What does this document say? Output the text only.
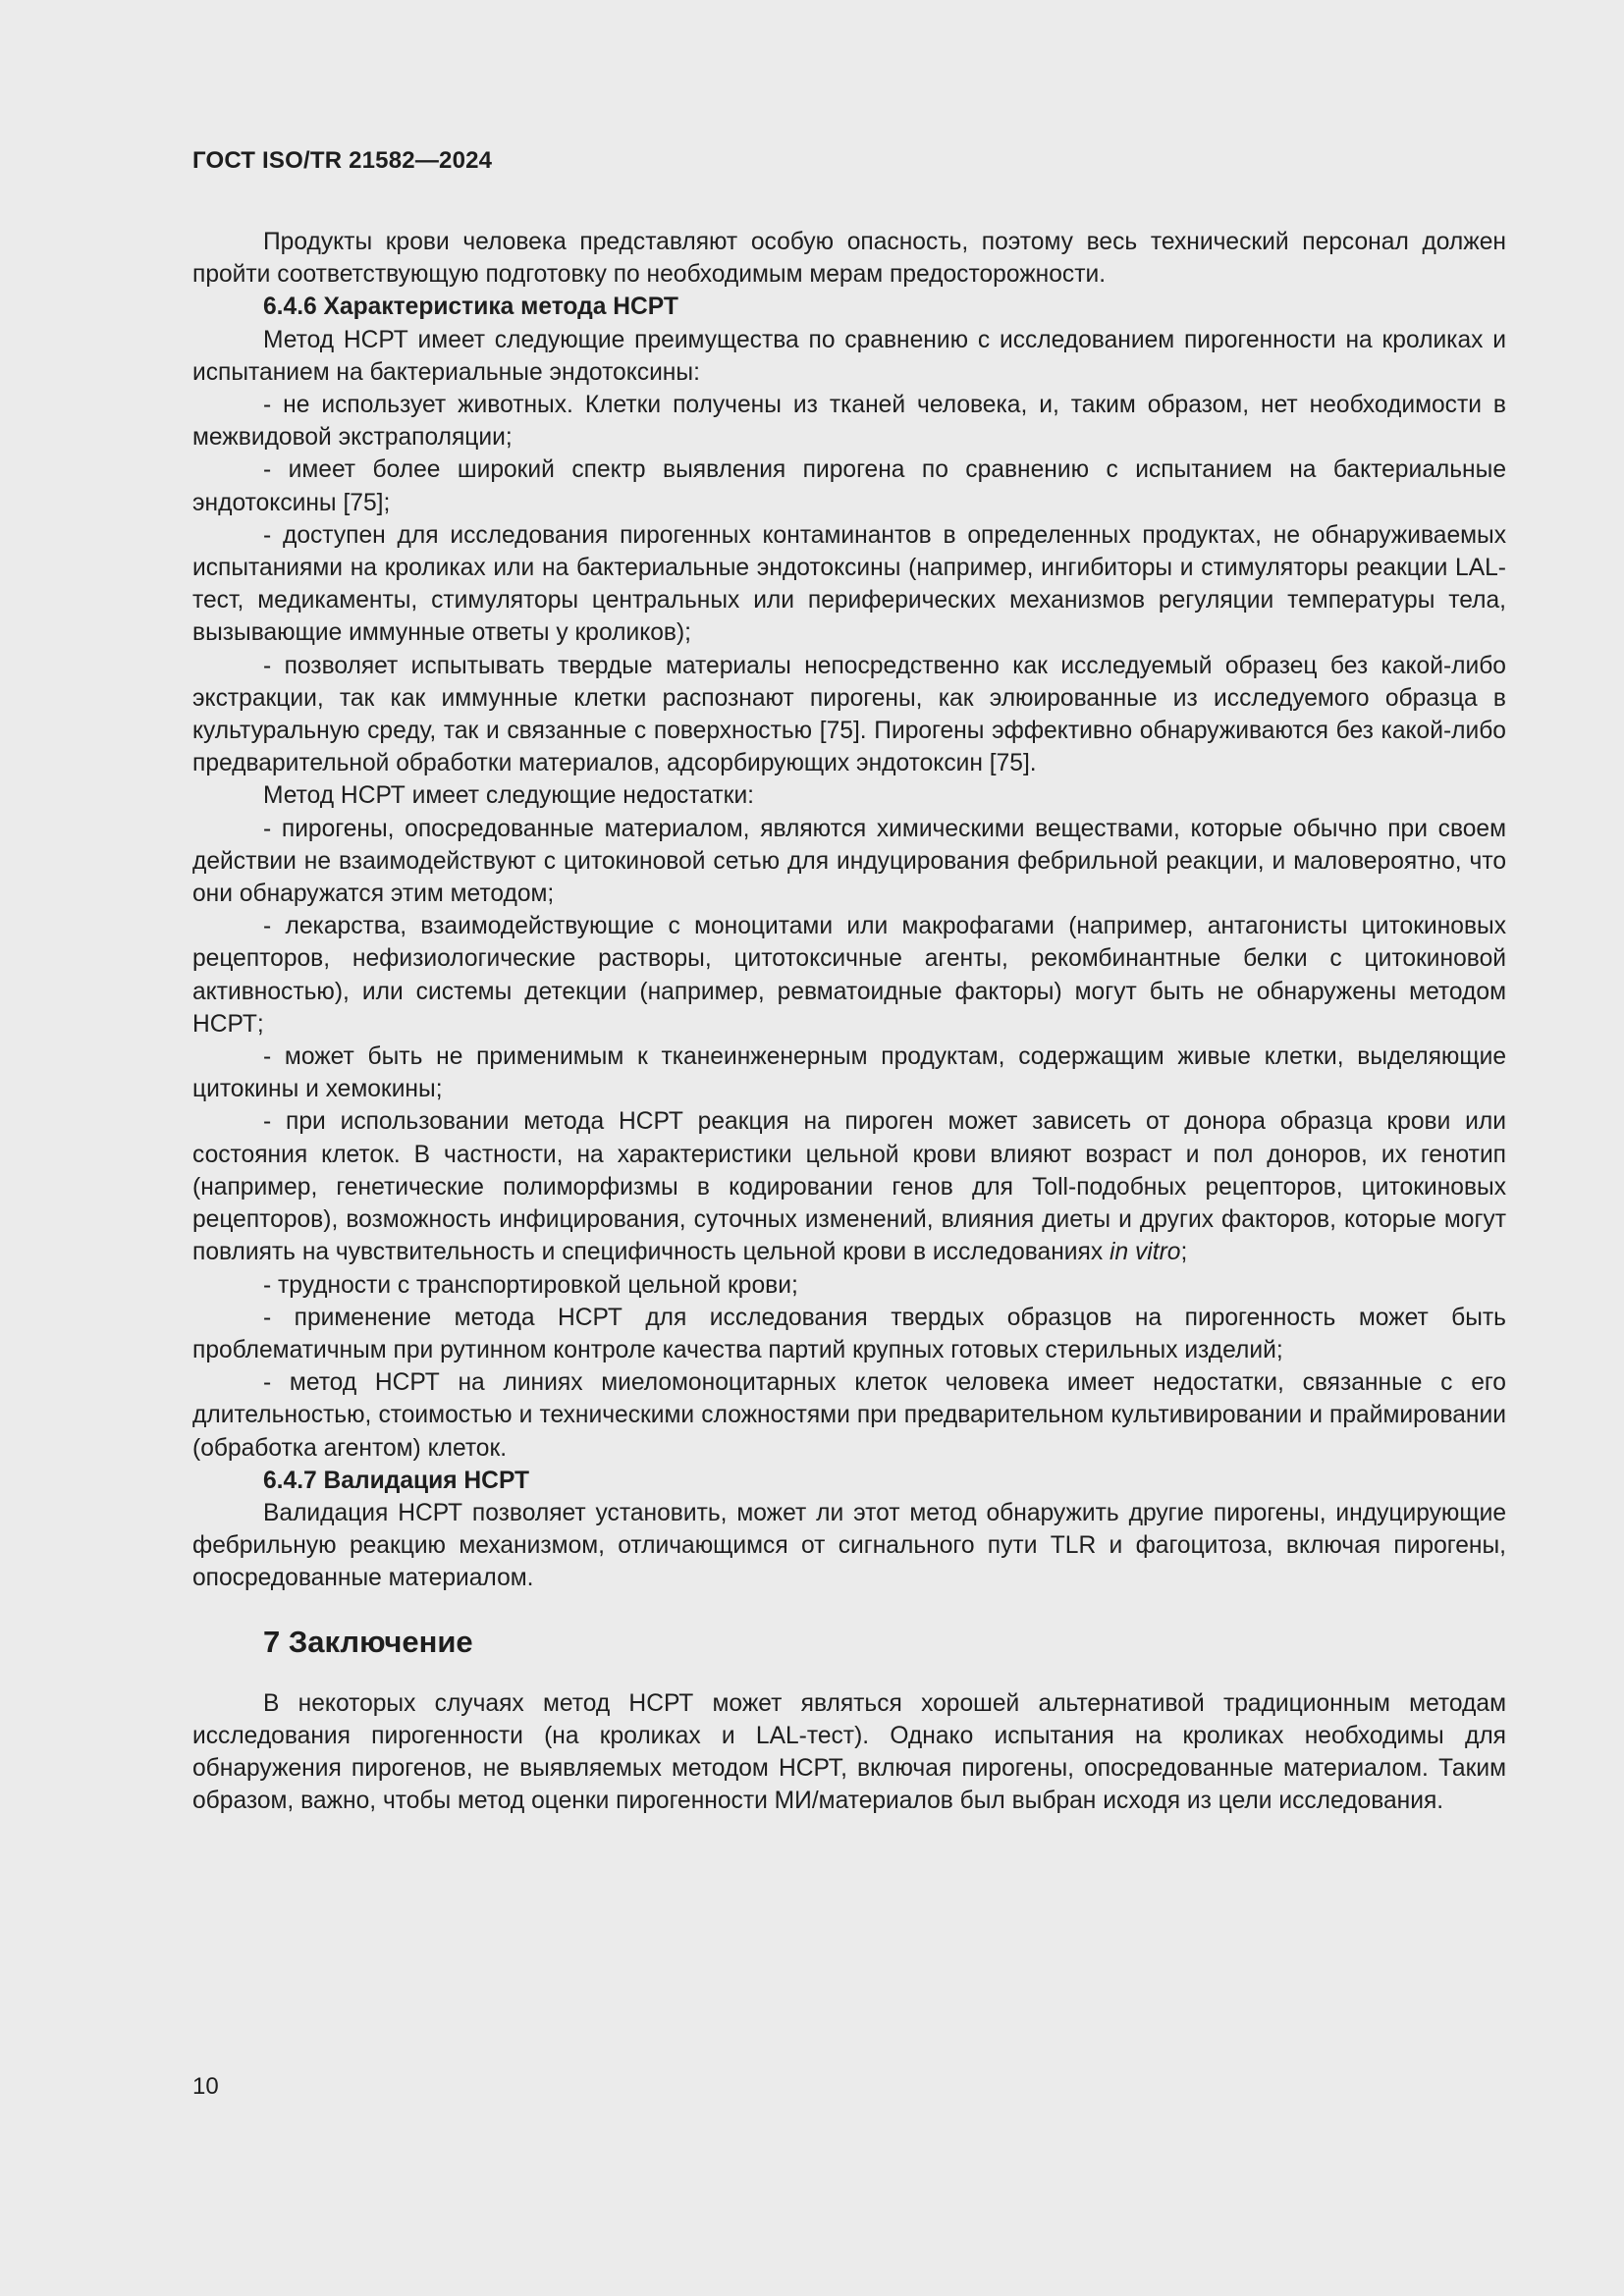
ГОСТ ISO/TR 21582—2024

Продукты крови человека представляют особую опасность, поэтому весь технический персонал должен пройти соответствующую подготовку по необходимым мерам предосторожности.

6.4.6 Характеристика метода НСРТ

Метод НСРТ имеет следующие преимущества по сравнению с исследованием пирогенности на кроликах и испытанием на бактериальные эндотоксины:

- не использует животных. Клетки получены из тканей человека, и, таким образом, нет необходимости в межвидовой экстраполяции;

- имеет более широкий спектр выявления пирогена по сравнению с испытанием на бактериальные эндотоксины [75];

- доступен для исследования пирогенных контаминантов в определенных продуктах, не обнаруживаемых испытаниями на кроликах или на бактериальные эндотоксины (например, ингибиторы и стимуляторы реакции LAL-тест, медикаменты, стимуляторы центральных или периферических механизмов регуляции температуры тела, вызывающие иммунные ответы у кроликов);

- позволяет испытывать твердые материалы непосредственно как исследуемый образец без какой-либо экстракции, так как иммунные клетки распознают пирогены, как элюированные из исследуемого образца в культуральную среду, так и связанные с поверхностью [75]. Пирогены эффективно обнаруживаются без какой-либо предварительной обработки материалов, адсорбирующих эндотоксин [75].

Метод НСРТ имеет следующие недостатки:

- пирогены, опосредованные материалом, являются химическими веществами, которые обычно при своем действии не взаимодействуют с цитокиновой сетью для индуцирования фебрильной реакции, и маловероятно, что они обнаружатся этим методом;

- лекарства, взаимодействующие с моноцитами или макрофагами (например, антагонисты цитокиновых рецепторов, нефизиологические растворы, цитотоксичные агенты, рекомбинантные белки с цитокиновой активностью), или системы детекции (например, ревматоидные факторы) могут быть не обнаружены методом НСРТ;

- может быть не применимым к тканеинженерным продуктам, содержащим живые клетки, выделяющие цитокины и хемокины;

- при использовании метода НСРТ реакция на пироген может зависеть от донора образца крови или состояния клеток. В частности, на характеристики цельной крови влияют возраст и пол доноров, их генотип (например, генетические полиморфизмы в кодировании генов для Toll-подобных рецепторов, цитокиновых рецепторов), возможность инфицирования, суточных изменений, влияния диеты и других факторов, которые могут повлиять на чувствительность и специфичность цельной крови в исследованиях in vitro;

- трудности с транспортировкой цельной крови;

- применение метода НСРТ для исследования твердых образцов на пирогенность может быть проблематичным при рутинном контроле качества партий крупных готовых стерильных изделий;

- метод НСРТ на линиях миеломоноцитарных клеток человека имеет недостатки, связанные с его длительностью, стоимостью и техническими сложностями при предварительном культивировании и праймировании (обработка агентом) клеток.

6.4.7 Валидация НСРТ

Валидация НСРТ позволяет установить, может ли этот метод обнаружить другие пирогены, индуцирующие фебрильную реакцию механизмом, отличающимся от сигнального пути TLR и фагоцитоза, включая пирогены, опосредованные материалом.

7 Заключение

В некоторых случаях метод НСРТ может являться хорошей альтернативой традиционным методам исследования пирогенности (на кроликах и LAL-тест). Однако испытания на кроликах необходимы для обнаружения пирогенов, не выявляемых методом НСРТ, включая пирогены, опосредованные материалом. Таким образом, важно, чтобы метод оценки пирогенности МИ/материалов был выбран исходя из цели исследования.

10
